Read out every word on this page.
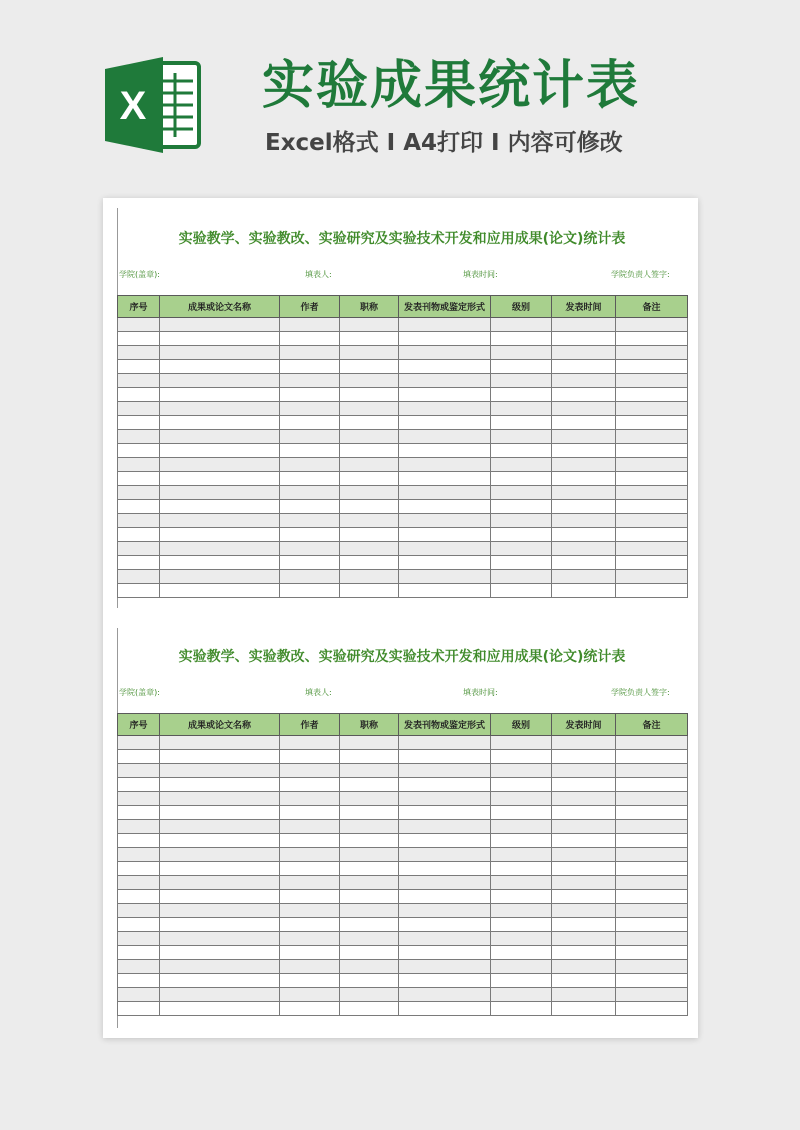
X 实验成果统计表
Excel格式 I A4打印 I 内容可修改
实验教学、实验教改、实验研究及实验技术开发和应用成果(论文)统计表
学院(盖章):	填表人:	填表时间:	学院负责人签字:
序号	成果或论文名称	作者	职称	发表刊物或鉴定形式	级别	发表时间	备注

实验教学、实验教改、实验研究及实验技术开发和应用成果(论文)统计表
学院(盖章):	填表人:	填表时间:	学院负责人签字:
序号	成果或论文名称	作者	职称	发表刊物或鉴定形式	级别	发表时间	备注
